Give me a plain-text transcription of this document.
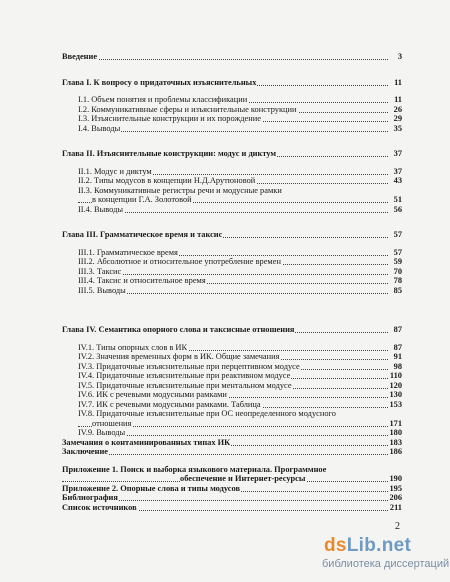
Введение	3
Глава I. К вопросу о придаточных изъяснительных	11
I.1. Объем понятия и проблемы классификации	11
I.2. Коммуникативные сферы и изъяснительные конструкции	26
I.3. Изъяснительные конструкции и их порождение	29
I.4. Выводы	35
Глава II. Изъяснительные конструкции: модус и диктум	37
II.1. Модус и диктум	37
II.2. Типы модусов в концепции Н.Д.Арутюновой	43
II.3. Коммуникативные регистры речи и модусные рамки
в концепции Г.А. Золотовой	51
II.4. Выводы	56
Глава III. Грамматическое время и таксис	57
III.1. Грамматическое время	57
III.2. Абсолютное и относительное употребление времен	59
III.3. Таксис	70
III.4. Таксис и относительное время	78
III.5. Выводы	85
Глава IV. Семантика опорного слова и таксисные отношения	87
IV.1. Типы опорных слов в ИК	87
IV.2. Значения временных форм в ИК. Общие замечания	91
IV.3. Придаточные изъяснительные при перцептивном модусе	98
IV.4. Придаточные изъяснительные при реактивном модусе	110
IV.5. Придаточные изъяснительные при ментальном модусе	120
IV.6. ИК с речевыми модусными рамками	130
IV.7. ИК с речевыми модусными рамками. Таблица	153
IV.8. Придаточные изъяснительные при ОС неопределенного модусного
отношения	171
IV.9. Выводы	180
Замечания о контаминированных типах ИК	183
Заключение	186
Приложение 1. Поиск и выборка языкового материала. Программное
обеспечение и Интернет-ресурсы	190
Приложение 2. Опорные слова и типы модусов	195
Библиография	206
Список источников	211
2
dsLib.net
библиотека диссертаций
